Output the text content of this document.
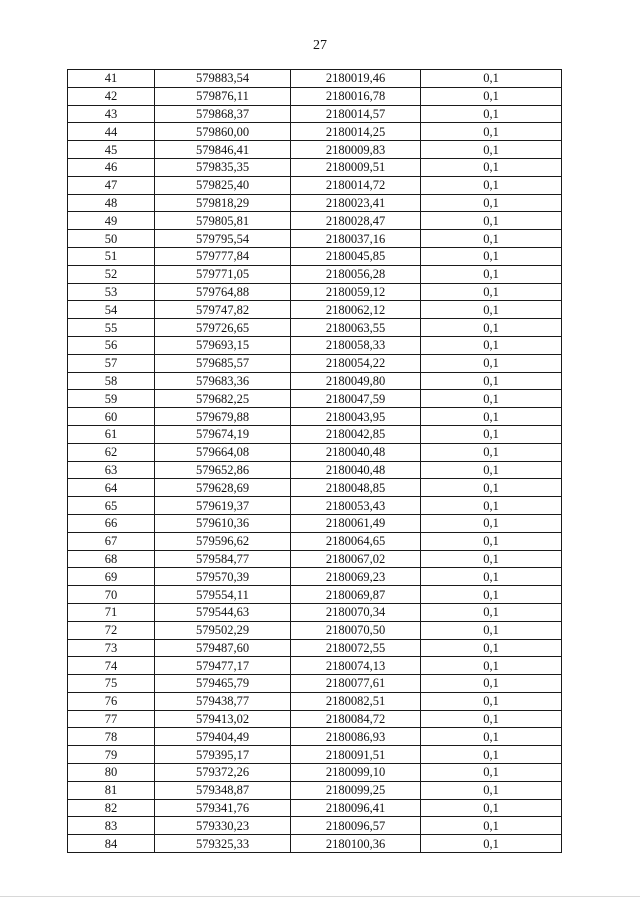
27
41	579883,54	2180019,46	0,1
42	579876,11	2180016,78	0,1
43	579868,37	2180014,57	0,1
44	579860,00	2180014,25	0,1
45	579846,41	2180009,83	0,1
46	579835,35	2180009,51	0,1
47	579825,40	2180014,72	0,1
48	579818,29	2180023,41	0,1
49	579805,81	2180028,47	0,1
50	579795,54	2180037,16	0,1
51	579777,84	2180045,85	0,1
52	579771,05	2180056,28	0,1
53	579764,88	2180059,12	0,1
54	579747,82	2180062,12	0,1
55	579726,65	2180063,55	0,1
56	579693,15	2180058,33	0,1
57	579685,57	2180054,22	0,1
58	579683,36	2180049,80	0,1
59	579682,25	2180047,59	0,1
60	579679,88	2180043,95	0,1
61	579674,19	2180042,85	0,1
62	579664,08	2180040,48	0,1
63	579652,86	2180040,48	0,1
64	579628,69	2180048,85	0,1
65	579619,37	2180053,43	0,1
66	579610,36	2180061,49	0,1
67	579596,62	2180064,65	0,1
68	579584,77	2180067,02	0,1
69	579570,39	2180069,23	0,1
70	579554,11	2180069,87	0,1
71	579544,63	2180070,34	0,1
72	579502,29	2180070,50	0,1
73	579487,60	2180072,55	0,1
74	579477,17	2180074,13	0,1
75	579465,79	2180077,61	0,1
76	579438,77	2180082,51	0,1
77	579413,02	2180084,72	0,1
78	579404,49	2180086,93	0,1
79	579395,17	2180091,51	0,1
80	579372,26	2180099,10	0,1
81	579348,87	2180099,25	0,1
82	579341,76	2180096,41	0,1
83	579330,23	2180096,57	0,1
84	579325,33	2180100,36	0,1
